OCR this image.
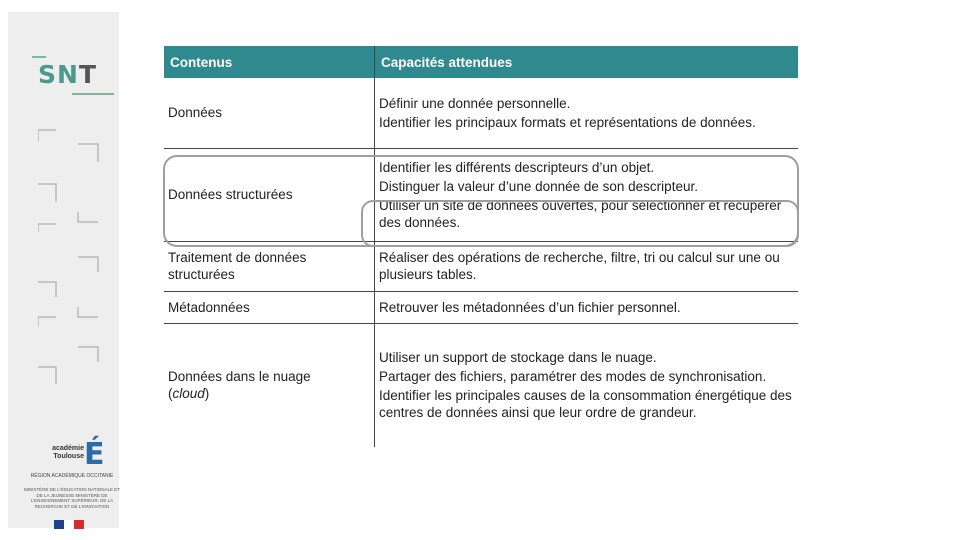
SNT
académie
Toulouse É
RÉGION ACADÉMIQUE OCCITANIE
MINISTÈRE DE L’ÉDUCATION NATIONALE ET DE LA JEUNESSE MINISTÈRE DE L’ENSEIGNEMENT SUPÉRIEUR, DE LA RECHERCHE ET DE L’INNOVATION
Contenus	Capacités attendues
Données	Définir une donnée personnelle.
Identifier les principaux formats et représentations de données.

Données structurées	Identifier les différents descripteurs d’un objet.
Distinguer la valeur d’une donnée de son descripteur.
Utiliser un site de données ouvertes, pour sélectionner et récupérer des données.

Traitement de données structurées	Réaliser des opérations de recherche, filtre, tri ou calcul sur une ou plusieurs tables.

Métadonnées	Retrouver les métadonnées d’un fichier personnel.

Données dans le nuage
(cloud)	Utiliser un support de stockage dans le nuage.
Partager des fichiers, paramétrer des modes de synchronisation.
Identifier les principales causes de la consommation énergétique des centres de données ainsi que leur ordre de grandeur.
